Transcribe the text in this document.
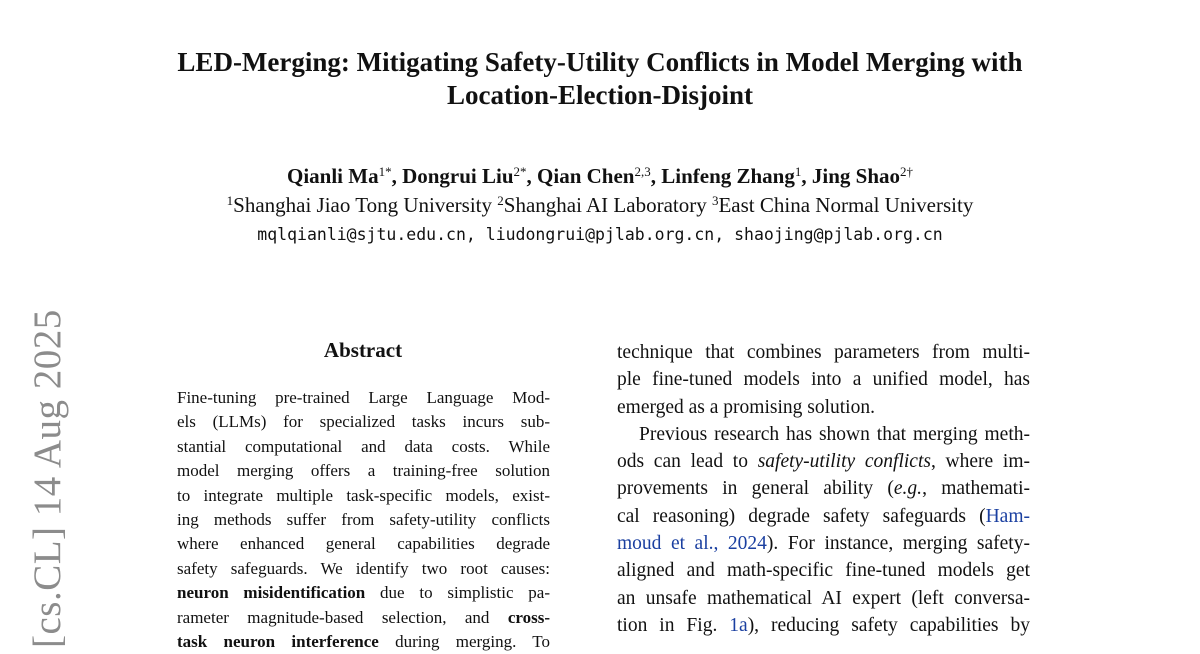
LED-Merging: Mitigating Safety-Utility Conflicts in Model Merging with
Location-Election-Disjoint
Qianli $Ma^{1*}$, Dongrui Liu$^{2*}$, Qian Chen$^{2,3}$, Linfeng Zhang$^1$, Jing Shao$^{2\dagger}$
$^1$Shanghai Jiao Tong University $^2$Shanghai AI Laboratory $^3$East China Normal University
mqlqianli@sjtu.edu.cn, liudongrui@pjlab.org.cn, shaojing@pjlab.org.cn
Abstract
Fine-tuning pre-trained Large Language Mod-
els (LLMs) for specialized tasks incurs sub-
stantial computational and data costs. While
model merging offers a training-free solution
to integrate multiple task-specific models, exist-
ing methods suffer from safety-utility conflicts
where enhanced general capabilities degrade
safety safeguards. We identify two root causes:
neuron misidentification due to simplistic pa-
rameter magnitude-based selection, and cross-
task neuron interference during merging. To
technique that combines parameters from multi-
ple fine-tuned models into a unified model, has
emerged as a promising solution.
Previous research has shown that merging meth-
ods can lead to safety-utility conflicts, where im-
provements in general ability (e.g., mathemati-
cal reasoning) degrade safety safeguards (Ham-
moud et al., 2024). For instance, merging safety-
aligned and math-specific fine-tuned models get
an unsafe mathematical AI expert (left conversa-
tion in Fig. 1a), reducing safety capabilities by
[cs.CL] 14 Aug 2025
